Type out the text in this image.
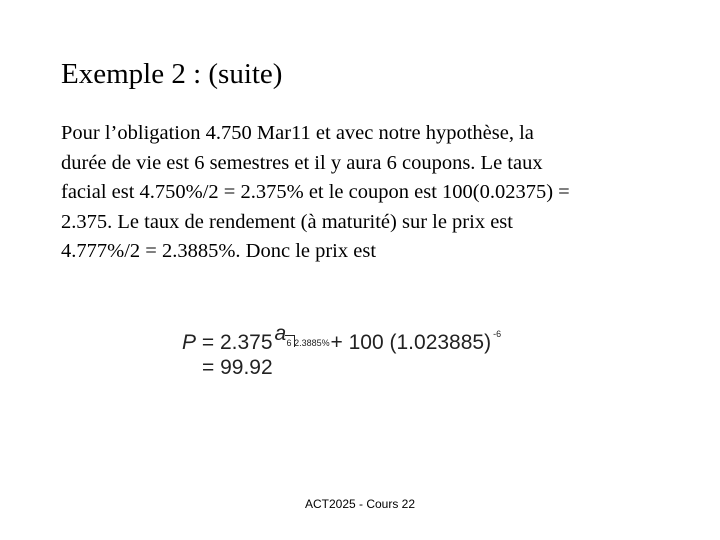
Exemple 2 : (suite)
Pour l’obligation 4.750 Mar11 et avec notre hypothèse, la
durée de vie est 6 semestres et il y aura 6 coupons. Le taux
facial est 4.750%/2 = 2.375% et le coupon est 100(0.02375) =
2.375. Le taux de rendement (à maturité) sur le prix est
4.777%/2 = 2.3885%. Donc le prix est
P = 2.375 a 6 2.3885% + 100 (1.023885) $^{-6}$
= 99.92
ACT2025 - Cours 22
